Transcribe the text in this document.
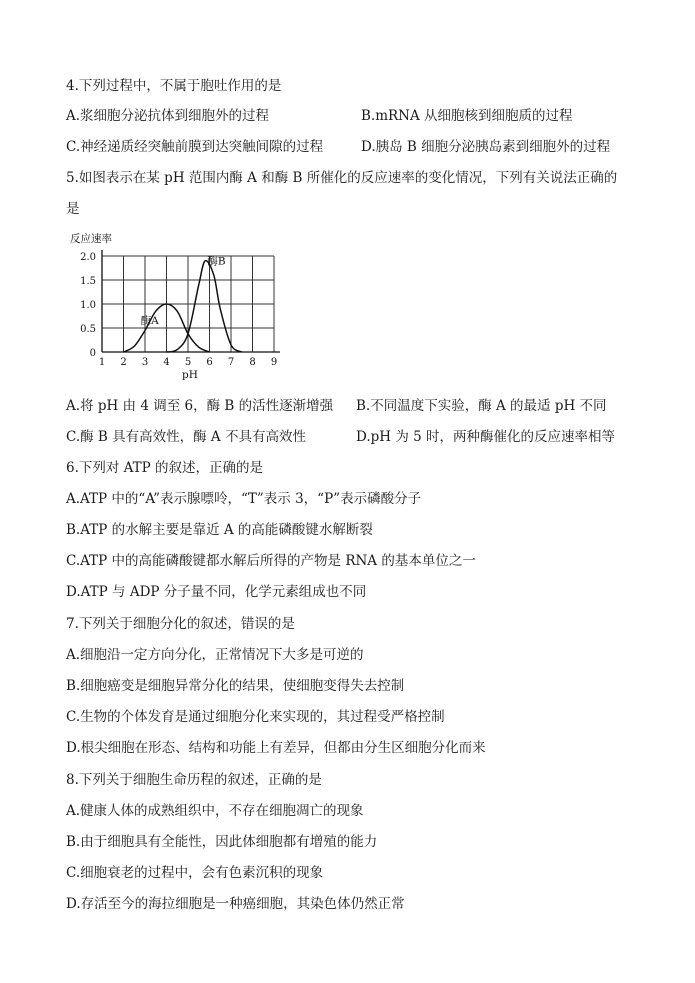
4.下列过程中，不属于胞吐作用的是
A.浆细胞分泌抗体到细胞外的过程	B.mRNA 从细胞核到细胞质的过程
C.神经递质经突触前膜到达突触间隙的过程	D.胰岛 B 细胞分泌胰岛素到细胞外的过程
5.如图表示在某 pH 范围内酶 A 和酶 B 所催化的反应速率的变化情况，下列有关说法正确的
是
1 2 3 4 5 6 7 8 9
0
0.5
1.0
1.5
2.0
反应速率
pH
酶A
酶B
A.将 pH 由 4 调至 6，酶 B 的活性逐渐增强 B.不同温度下实验，酶 A 的最适 pH 不同
C.酶 B 具有高效性，酶 A 不具有高效性	D.pH 为 5 时，两种酶催化的反应速率相等
6.下列对 ATP 的叙述，正确的是
A.ATP 中的“A”表示腺嘌呤，“T”表示 3，“P”表示磷酸分子
B.ATP 的水解主要是靠近 A 的高能磷酸键水解断裂
C.ATP 中的高能磷酸键都水解后所得的产物是 RNA 的基本单位之一
D.ATP 与 ADP 分子量不同，化学元素组成也不同
7.下列关于细胞分化的叙述，错误的是
A.细胞沿一定方向分化，正常情况下大多是可逆的
B.细胞癌变是细胞异常分化的结果，使细胞变得失去控制
C.生物的个体发育是通过细胞分化来实现的，其过程受严格控制
D.根尖细胞在形态、结构和功能上有差异，但都由分生区细胞分化而来
8.下列关于细胞生命历程的叙述，正确的是
A.健康人体的成熟组织中，不存在细胞凋亡的现象
B.由于细胞具有全能性，因此体细胞都有增殖的能力
C.细胞衰老的过程中，会有色素沉积的现象
D.存活至今的海拉细胞是一种癌细胞，其染色体仍然正常
